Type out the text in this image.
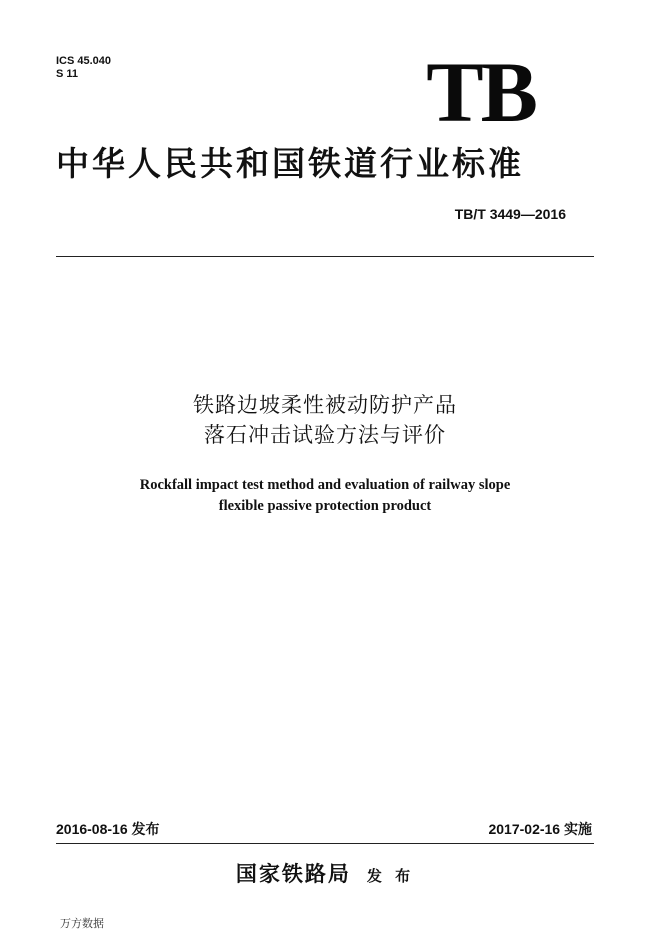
ICS 45.040
S 11	TB
中华人民共和国铁道行业标准
TB/T 3449—2016
铁路边坡柔性被动防护产品
落石冲击试验方法与评价
Rockfall impact test method and evaluation of railway slope
flexible passive protection product
2016-08-16 发布	2017-02-16 实施
国家铁路局 发 布
万方数据
